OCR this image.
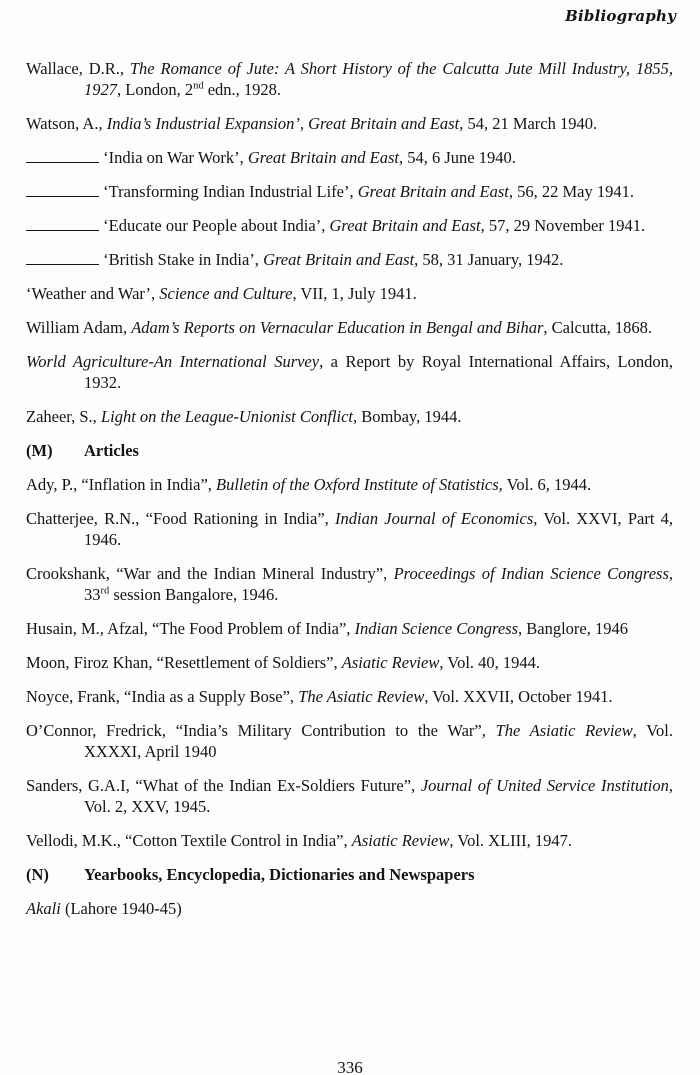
Bibliography

Wallace, D.R., The Romance of Jute: A Short History of the Calcutta Jute Mill Industry, 1855, 1927, London, 2nd edn., 1928.

Watson, A., India’s Industrial Expansion’, Great Britain and East, 54, 21 March 1940.

‘India on War Work’, Great Britain and East, 54, 6 June 1940.

‘Transforming Indian Industrial Life’, Great Britain and East, 56, 22 May 1941.

‘Educate our People about India’, Great Britain and East, 57, 29 November 1941.

‘British Stake in India’, Great Britain and East, 58, 31 January, 1942.

‘Weather and War’, Science and Culture, VII, 1, July 1941.

William Adam, Adam’s Reports on Vernacular Education in Bengal and Bihar, Calcutta, 1868.

World Agriculture-An International Survey, a Report by Royal International Affairs, London, 1932.

Zaheer, S., Light on the League-Unionist Conflict, Bombay, 1944.

(M) Articles

Ady, P., “Inflation in India”, Bulletin of the Oxford Institute of Statistics, Vol. 6, 1944.

Chatterjee, R.N., “Food Rationing in India”, Indian Journal of Economics, Vol. XXVI, Part 4, 1946.

Crookshank, “War and the Indian Mineral Industry”, Proceedings of Indian Science Congress, 33rd session Bangalore, 1946.

Husain, M., Afzal, “The Food Problem of India”, Indian Science Congress, Banglore, 1946

Moon, Firoz Khan, “Resettlement of Soldiers”, Asiatic Review, Vol. 40, 1944.

Noyce, Frank, “India as a Supply Bose”, The Asiatic Review, Vol. XXVII, October 1941.

O’Connor, Fredrick, “India’s Military Contribution to the War”, The Asiatic Review, Vol. XXXXI, April 1940

Sanders, G.A.I, “What of the Indian Ex-Soldiers Future”, Journal of United Service Institution, Vol. 2, XXV, 1945.

Vellodi, M.K., “Cotton Textile Control in India”, Asiatic Review, Vol. XLIII, 1947.

(N) Yearbooks, Encyclopedia, Dictionaries and Newspapers

Akali (Lahore 1940-45)

336
